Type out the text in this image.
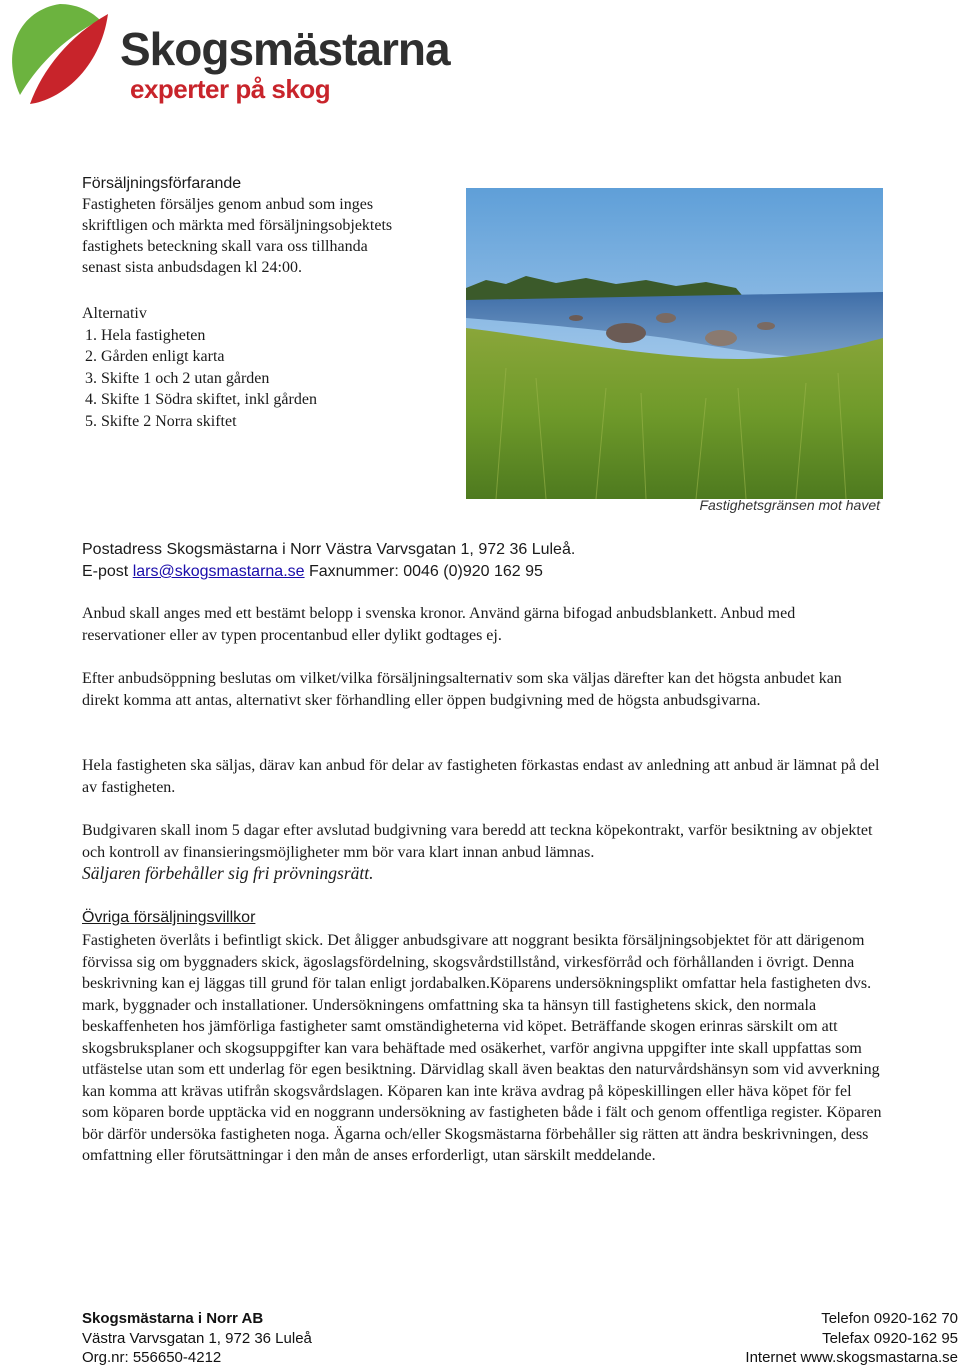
Skogsmästarna
experter på skog
Försäljningsförfarande
Fastigheten försäljes genom anbud som inges
skriftligen och märkta med försäljningsobjektets
fastighets beteckning skall vara oss tillhanda
senast sista anbudsdagen kl 24:00.
Alternativ
1. Hela fastigheten
2. Gården enligt karta
3. Skifte 1 och 2 utan gården
4. Skifte 1 Södra skiftet, inkl gården
5. Skifte 2 Norra skiftet
Fastighetsgränsen mot havet
Postadress Skogsmästarna i Norr Västra Varvsgatan 1, 972 36 Luleå.
E-post lars@skogsmastarna.se Faxnummer: 0046 (0)920 162 95
Anbud skall anges med ett bestämt belopp i svenska kronor. Använd gärna bifogad anbudsblankett. Anbud med reservationer eller av typen procentanbud eller dylikt godtages ej.
Efter anbudsöppning beslutas om vilket/vilka försäljningsalternativ som ska väljas därefter kan det högsta anbudet kan direkt komma att antas, alternativt sker förhandling eller öppen budgivning med de högsta anbudsgivarna.
Hela fastigheten ska säljas, därav kan anbud för delar av fastigheten förkastas endast av anledning att anbud är lämnat på del av fastigheten.
Budgivaren skall inom 5 dagar efter avslutad budgivning vara beredd att teckna köpekontrakt, varför besiktning av objektet och kontroll av finansieringsmöjligheter mm bör vara klart innan anbud lämnas.
Säljaren förbehåller sig fri prövningsrätt.
Övriga försäljningsvillkor
Fastigheten överlåts i befintligt skick. Det åligger anbudsgivare att noggrant besikta försäljningsobjektet för att därigenom förvissa sig om byggnaders skick, ägoslagsfördelning, skogsvårdstillstånd, virkesförråd och förhållanden i övrigt. Denna beskrivning kan ej läggas till grund för talan enligt jordabalken.Köparens undersökningsplikt omfattar hela fastigheten dvs. mark, byggnader och installationer. Undersökningens omfattning ska ta hänsyn till fastighetens skick, den normala beskaffenheten hos jämförliga fastigheter samt omständigheterna vid köpet. Beträffande skogen erinras särskilt om att skogsbruksplaner och skogsuppgifter kan vara behäftade med osäkerhet, varför angivna uppgifter inte skall uppfattas som utfästelse utan som ett underlag för egen besiktning. Därvidlag skall även beaktas den naturvårdshänsyn som vid avverkning kan komma att krävas utifrån skogsvårdslagen. Köparen kan inte kräva avdrag på köpeskillingen eller häva köpet för fel som köparen borde upptäcka vid en noggrann undersökning av fastigheten både i fält och genom offentliga register. Köparen bör därför undersöka fastigheten noga. Ägarna och/eller Skogsmästarna förbehåller sig rätten att ändra beskrivningen, dess omfattning eller förutsättningar i den mån de anses erforderligt, utan särskilt meddelande.
Skogsmästarna i Norr AB	Telefon 0920-162 70
Västra Varvsgatan 1, 972 36 Luleå	Telefax 0920-162 95
Org.nr: 556650-4212	Internet www.skogsmastarna.se
